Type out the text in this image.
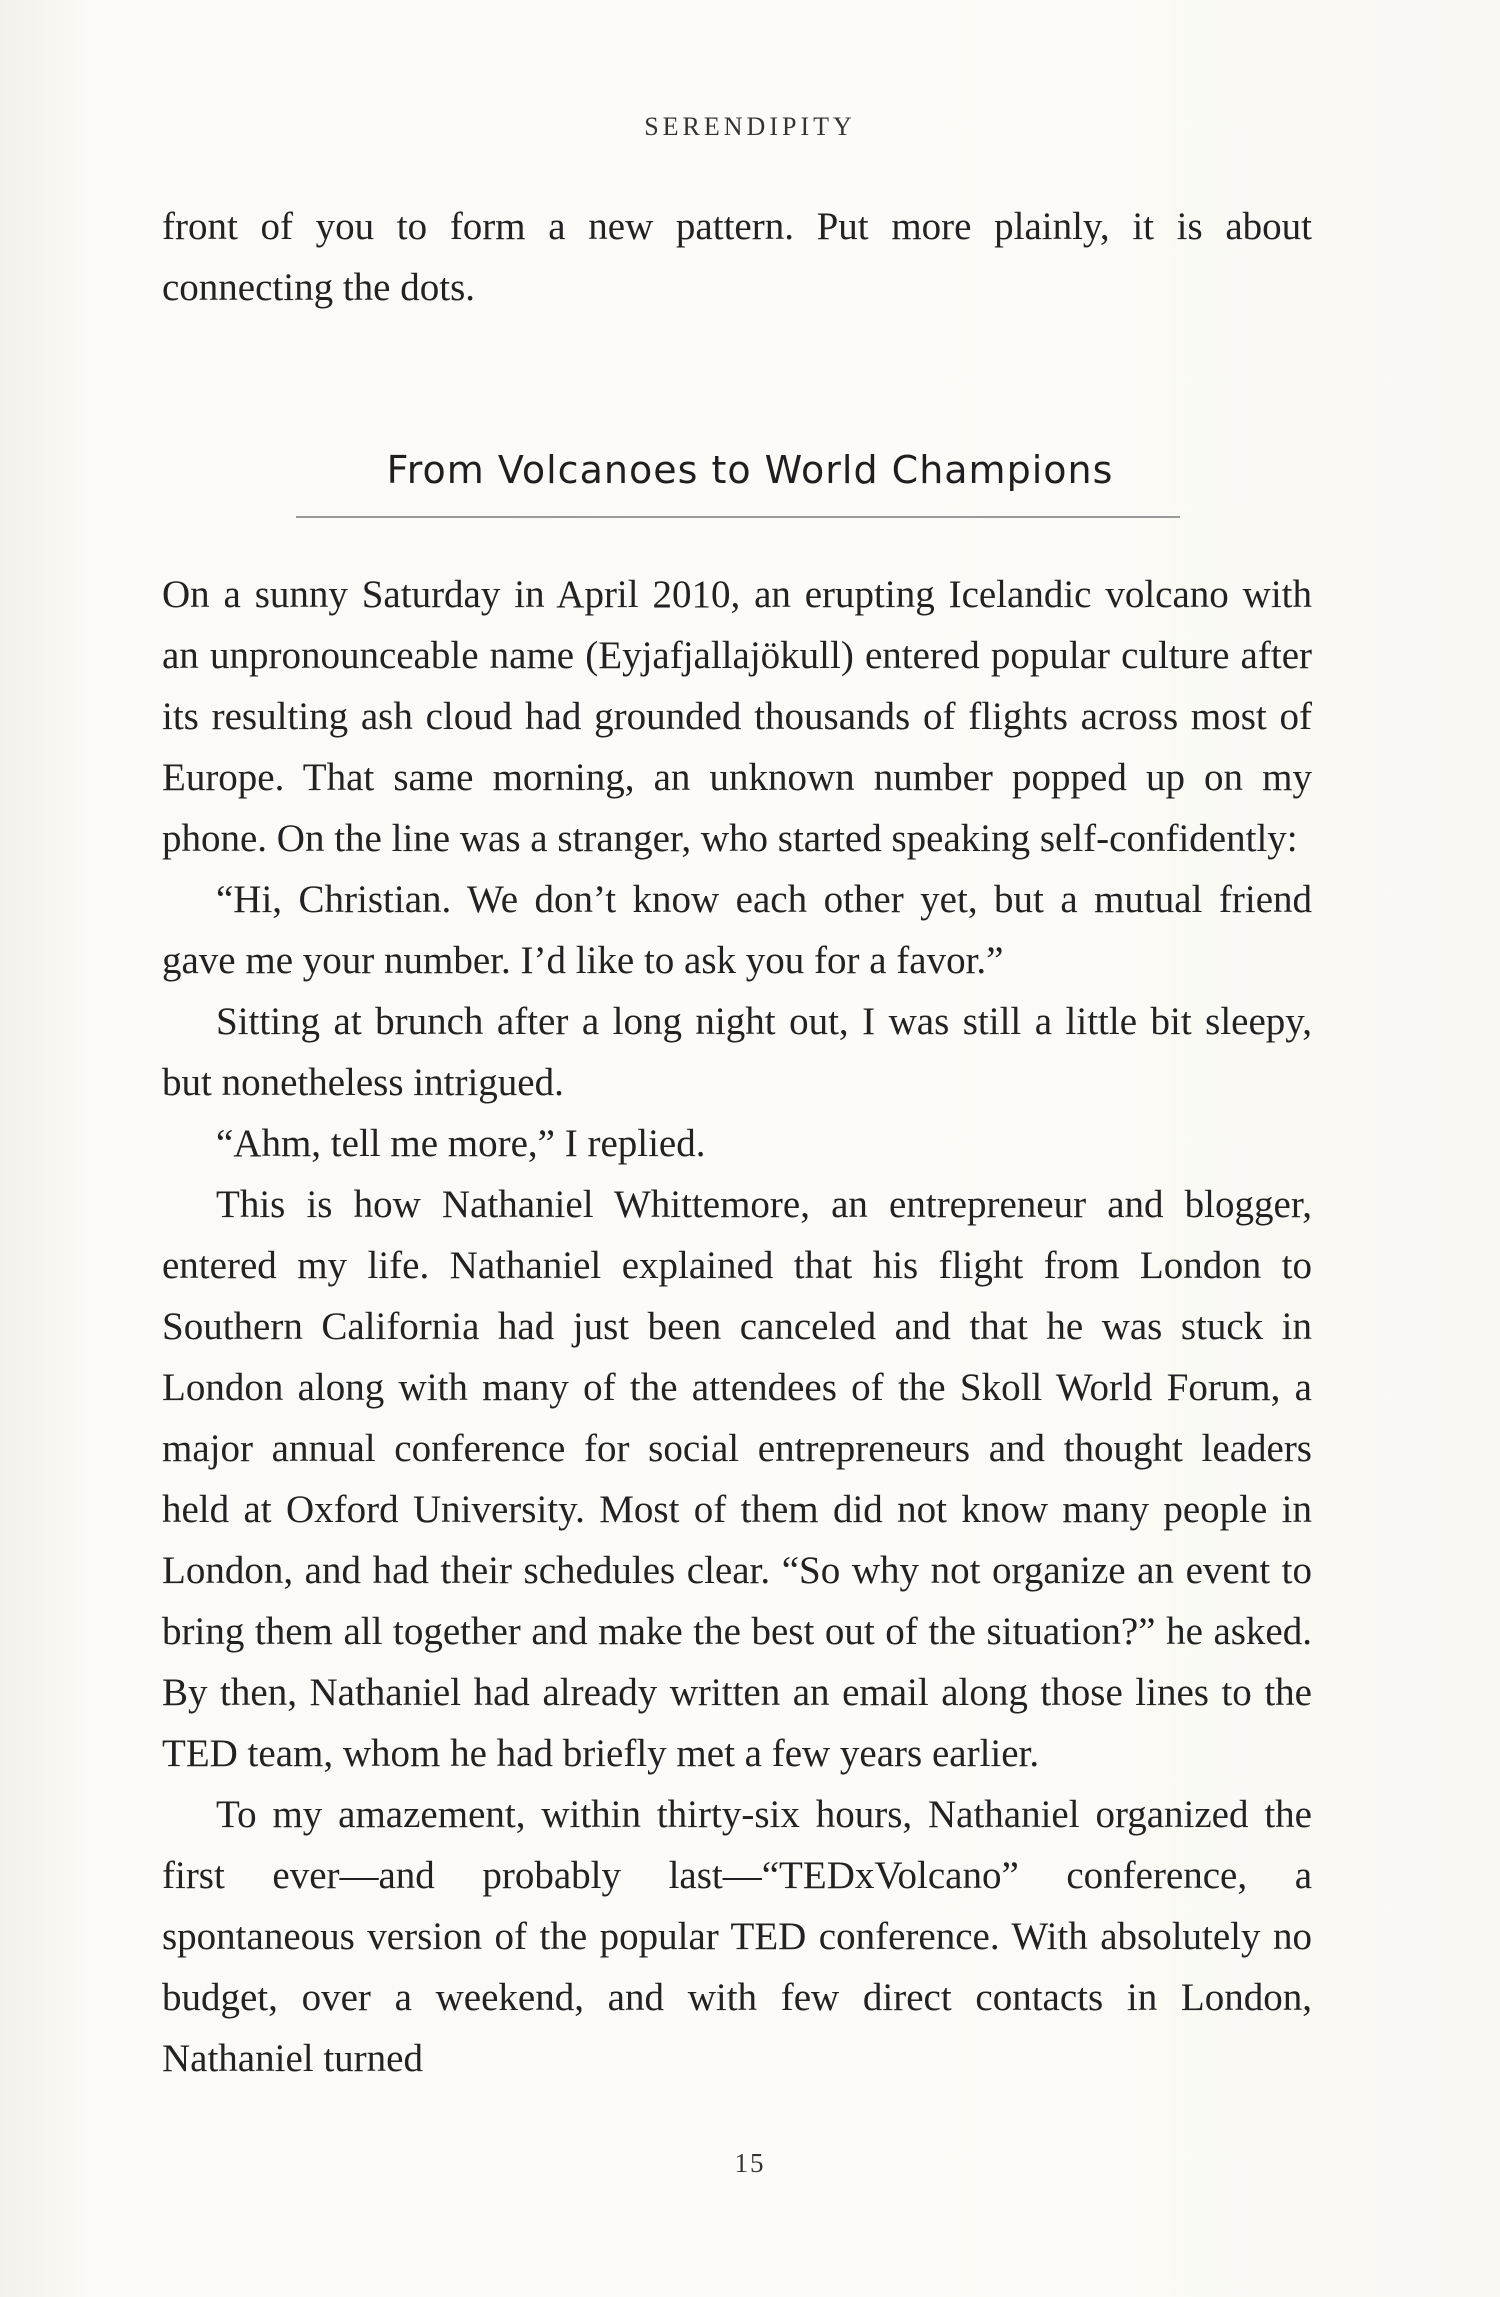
SERENDIPITY

front of you to form a new pattern. Put more plainly, it is about connecting the dots.

From Volcanoes to World Champions

On a sunny Saturday in April 2010, an erupting Icelandic volcano with an unpronounceable name (Eyjafjallajökull) entered popular culture after its resulting ash cloud had grounded thousands of flights across most of Europe. That same morning, an unknown number popped up on my phone. On the line was a stranger, who started speaking self-confidently:

“Hi, Christian. We don’t know each other yet, but a mutual friend gave me your number. I’d like to ask you for a favor.”

Sitting at brunch after a long night out, I was still a little bit sleepy, but nonetheless intrigued.

“Ahm, tell me more,” I replied.

This is how Nathaniel Whittemore, an entrepreneur and blogger, entered my life. Nathaniel explained that his flight from London to Southern California had just been canceled and that he was stuck in London along with many of the attendees of the Skoll World Forum, a major annual conference for social entrepreneurs and thought leaders held at Oxford University. Most of them did not know many people in London, and had their schedules clear. “So why not organize an event to bring them all together and make the best out of the situation?” he asked. By then, Nathaniel had already written an email along those lines to the TED team, whom he had briefly met a few years earlier.

To my amazement, within thirty-six hours, Nathaniel organized the first ever—and probably last—“TEDxVolcano” conference, a spontaneous version of the popular TED conference. With absolutely no budget, over a weekend, and with few direct contacts in London, Nathaniel turned

15
